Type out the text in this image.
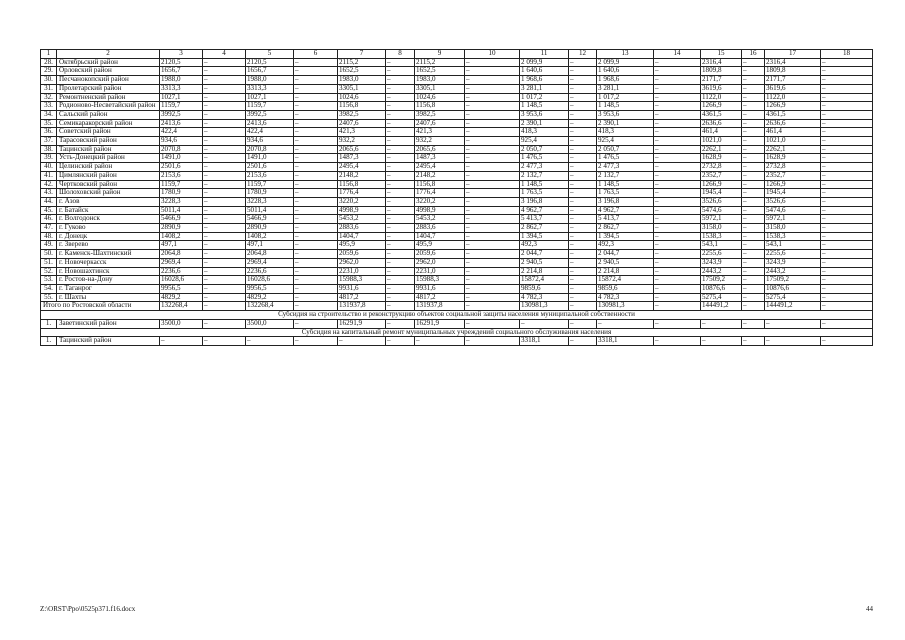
1	2	3	4	5	6	7	8	9	10	11	12	13	14	15	16	17	18
28.	Октябрьский район	2120,5	–	2120,5	–	2115,2	–	2115,2	–	2 099,9	–	2 099,9	–	2316,4	–	2316,4	–
29.	Орловский район	1656,7	–	1656,7	–	1652,5	–	1652,5	–	1 640,6	–	1 640,6	–	1809,8	–	1809,8	–
30.	Песчанокопский район	1988,0	–	1988,0	–	1983,0	–	1983,0	–	1 968,6	–	1 968,6	–	2171,7	–	2171,7	–
31.	Пролетарский район	3313,3	–	3313,3	–	3305,1	–	3305,1	–	3 281,1	–	3 281,1	–	3619,6	–	3619,6	–
32.	Ремонтненский район	1027,1	–	1027,1	–	1024,6	–	1024,6	–	1 017,2	–	1 017,2	–	1122,0	–	1122,0	–
33.	Родионово-Несветайский район	1159,7	–	1159,7	–	1156,8	–	1156,8	–	1 148,5	–	1 148,5	–	1266,9	–	1266,9	–
34.	Сальский район	3992,5	–	3992,5	–	3982,5	–	3982,5	–	3 953,6	–	3 953,6	–	4361,5	–	4361,5	–
35.	Семикаракорский район	2413,6	–	2413,6	–	2407,6	–	2407,6	–	2 390,1	–	2 390,1	–	2636,6	–	2636,6	–
36.	Советский район	422,4	–	422,4	–	421,3	–	421,3	–	418,3	–	418,3	–	461,4	–	461,4	–
37.	Тарасовский район	934,6	–	934,6	–	932,2	–	932,2	–	925,4	–	925,4	–	1021,0	–	1021,0	–
38.	Тацинский район	2070,8	–	2070,8	–	2065,6	–	2065,6	–	2 050,7	–	2 050,7	–	2262,1	–	2262,1	–
39.	Усть-Донецкий район	1491,0	–	1491,0	–	1487,3	–	1487,3	–	1 476,5	–	1 476,5	–	1628,9	–	1628,9	–
40.	Целинский район	2501,6	–	2501,6	–	2495,4	–	2495,4	–	2 477,3	–	2 477,3	–	2732,8	–	2732,8	–
41.	Цимлянский район	2153,6	–	2153,6	–	2148,2	–	2148,2	–	2 132,7	–	2 132,7	–	2352,7	–	2352,7	–
42.	Чертковский район	1159,7	–	1159,7	–	1156,8	–	1156,8	–	1 148,5	–	1 148,5	–	1266,9	–	1266,9	–
43.	Шолоховский район	1780,9	–	1780,9	–	1776,4	–	1776,4	–	1 763,5	–	1 763,5	–	1945,4	–	1945,4	–
44.	г. Азов	3228,3	–	3228,3	–	3220,2	–	3220,2	–	3 196,8	–	3 196,8	–	3526,6	–	3526,6	–
45.	г. Батайск	5011,4	–	5011,4	–	4998,9	–	4998,9	–	4 962,7	–	4 962,7	–	5474,6	–	5474,6	–
46.	г. Волгодонск	5466,9	–	5466,9	–	5453,2	–	5453,2	–	5 413,7	–	5 413,7	–	5972,1	–	5972,1	–
47.	г. Гуково	2890,9	–	2890,9	–	2883,6	–	2883,6	–	2 862,7	–	2 862,7	–	3158,0	–	3158,0	–
48.	г. Донецк	1408,2	–	1408,2	–	1404,7	–	1404,7	–	1 394,5	–	1 394,5	–	1538,3	–	1538,3	–
49.	г. Зверево	497,1	–	497,1	–	495,9	–	495,9	–	492,3	–	492,3	–	543,1	–	543,1	–
50.	г. Каменск-Шахтинский	2064,8	–	2064,8	–	2059,6	–	2059,6	–	2 044,7	–	2 044,7	–	2255,6	–	2255,6	–
51.	г. Новочеркасск	2969,4	–	2969,4	–	2962,0	–	2962,0	–	2 940,5	–	2 940,5	–	3243,9	–	3243,9	–
52.	г. Новошахтинск	2236,6	–	2236,6	–	2231,0	–	2231,0	–	2 214,8	–	2 214,8	–	2443,2	–	2443,2	–
53.	г. Ростов-на-Дону	16028,6	–	16028,6	–	15988,3	–	15988,3	–	15872,4	–	15872,4	–	17509,2	–	17509,2	–
54.	г. Таганрог	9956,5	–	9956,5	–	9931,6	–	9931,6	–	9859,6	–	9859,6	–	10876,6	–	10876,6	–
55.	г. Шахты	4829,2	–	4829,2	–	4817,2	–	4817,2	–	4 782,3	–	4 782,3	–	5275,4	–	5275,4	–
Итого по Ростовской области		132268,4	–	132268,4	–	131937,8	–	131937,8	–	130981,3	–	130981,3	–	144491,2	–	144491,2	–
Субсидия на строительство и реконструкцию объектов социальной защиты населения муниципальной собственности																	
1.	Заветинский район	3500,0	–	3500,0	–	16291,9	–	16291,9	–	–	–	–	–	–	–	–	–
Субсидия на капитальный ремонт муниципальных учреждений социального обслуживания населения																	
1.	Тацинский район	–	–	–	–	–	–	–	–	3318,1	–	3318,1	–	–	–	–	–
Z:\ORST\Ppo\0525p371.f16.docx	44
